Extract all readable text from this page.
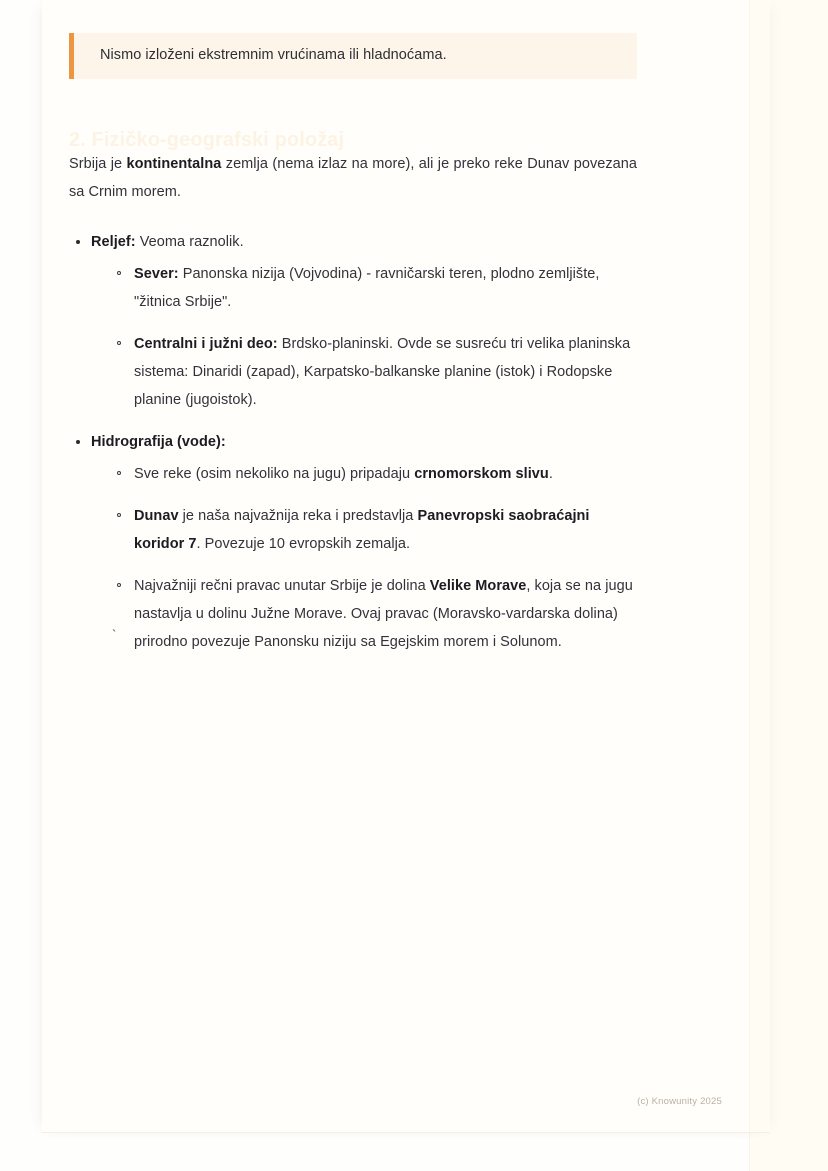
Nismo izloženi ekstremnim vrućinama ili hladnoćama.
2. Fizičko-geografski položaj

Srbija je kontinentalna zemlja (nema izlaz na more), ali je preko reke Dunav povezana sa Crnim morem.

Reljef: Veoma raznolik.
Sever: Panonska nizija (Vojvodina) - ravničarski teren, plodno zemljište, "žitnica Srbije".
Centralni i južni deo: Brdsko-planinski. Ovde se susreću tri velika planinska sistema: Dinaridi (zapad), Karpatsko-balkanske planine (istok) i Rodopske planine (jugoistok).
Hidrografija (vode):
Sve reke (osim nekoliko na jugu) pripadaju crnomorskom slivu.
Dunav je naša najvažnija reka i predstavlja Panevropski saobraćajni koridor 7. Povezuje 10 evropskih zemalja.
Najvažniji rečni pravac unutar Srbije je dolina Velike Morave, koja se na jugu nastavlja u dolinu Južne Morave. Ovaj pravac (Moravsko-vardarska dolina) prirodno povezuje Panonsku niziju sa Egejskim morem i Solunom.
`
(c) Knowunity 2025
